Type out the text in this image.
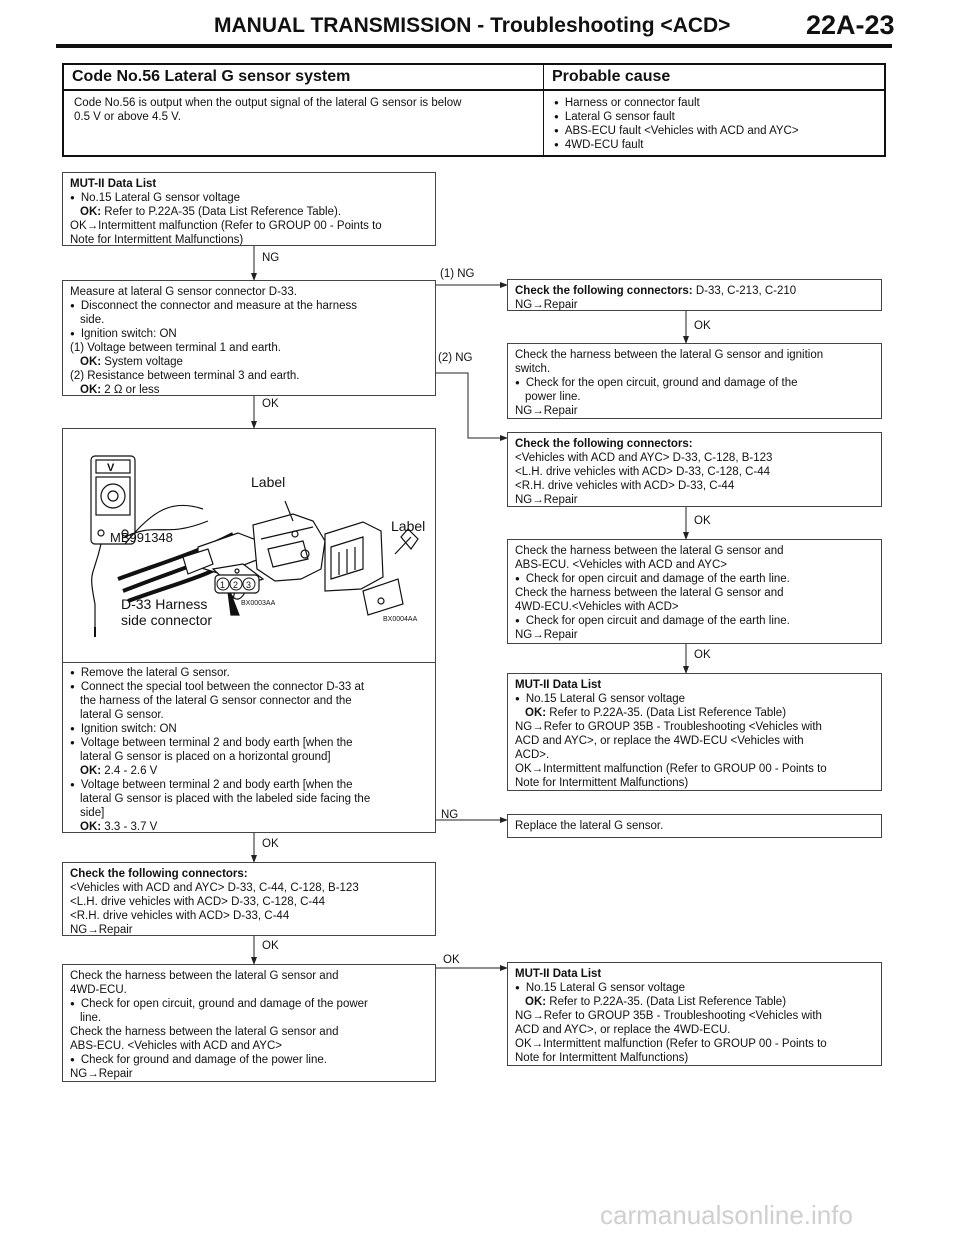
MANUAL TRANSMISSION - Troubleshooting <ACD>	22A-23
Code No.56 Lateral G sensor system	Probable cause
Code No.56 is output when the output signal of the lateral G sensor is below
0.5 V or above 4.5 V.
● Harness or connector fault
● Lateral G sensor fault
● ABS-ECU fault <Vehicles with ACD and AYC>
● 4WD-ECU fault
NG
(1) NG
OK
(2) NG
OK
OK
OK
NG
OK
OK
OK
MUT-II Data List
● No.15 Lateral G sensor voltage
OK: Refer to P.22A-35 (Data List Reference Table).
OK→Intermittent malfunction (Refer to GROUP 00 - Points to
Note for Intermittent Malfunctions)
Measure at lateral G sensor connector D-33.
● Disconnect the connector and measure at the harness
side.
● Ignition switch: ON
(1) Voltage between terminal 1 and earth.
OK: System voltage
(2) Resistance between terminal 3 and earth.
OK: 2 Ω or less
Check the following connectors: D-33, C-213, C-210
NG→Repair
Check the harness between the lateral G sensor and ignition
switch.
● Check for the open circuit, ground and damage of the
power line.
NG→Repair
Check the following connectors:
<Vehicles with ACD and AYC> D-33, C-128, B-123
<L.H. drive vehicles with ACD> D-33, C-128, C-44
<R.H. drive vehicles with ACD> D-33, C-44
NG→Repair
Check the harness between the lateral G sensor and
ABS-ECU. <Vehicles with ACD and AYC>
● Check for open circuit and damage of the earth line.
Check the harness between the lateral G sensor and
4WD-ECU.<Vehicles with ACD>
● Check for open circuit and damage of the earth line.
NG→Repair
V
1 2 3
Label
Label
MB991348
D-33 Harness
side connector
BX0003AA
BX0004AA
● Remove the lateral G sensor.
● Connect the special tool between the connector D-33 at
the harness of the lateral G sensor connector and the
lateral G sensor.
● Ignition switch: ON
● Voltage between terminal 2 and body earth [when the
lateral G sensor is placed on a horizontal ground]
OK: 2.4 - 2.6 V
● Voltage between terminal 2 and body earth [when the
lateral G sensor is placed with the labeled side facing the
side]
OK: 3.3 - 3.7 V
MUT-II Data List
● No.15 Lateral G sensor voltage
OK: Refer to P.22A-35. (Data List Reference Table)
NG→Refer to GROUP 35B - Troubleshooting <Vehicles with
ACD and AYC>, or replace the 4WD-ECU <Vehicles with
ACD>.
OK→Intermittent malfunction (Refer to GROUP 00 - Points to
Note for Intermittent Malfunctions)
Replace the lateral G sensor.
Check the following connectors:
<Vehicles with ACD and AYC> D-33, C-44, C-128, B-123
<L.H. drive vehicles with ACD> D-33, C-128, C-44
<R.H. drive vehicles with ACD> D-33, C-44
NG→Repair
Check the harness between the lateral G sensor and
4WD-ECU.
● Check for open circuit, ground and damage of the power
line.
Check the harness between the lateral G sensor and
ABS-ECU. <Vehicles with ACD and AYC>
● Check for ground and damage of the power line.
NG→Repair
MUT-II Data List
● No.15 Lateral G sensor voltage
OK: Refer to P.22A-35. (Data List Reference Table)
NG→Refer to GROUP 35B - Troubleshooting <Vehicles with
ACD and AYC>, or replace the 4WD-ECU.
OK→Intermittent malfunction (Refer to GROUP 00 - Points to
Note for Intermittent Malfunctions)
carmanualsonline.info
